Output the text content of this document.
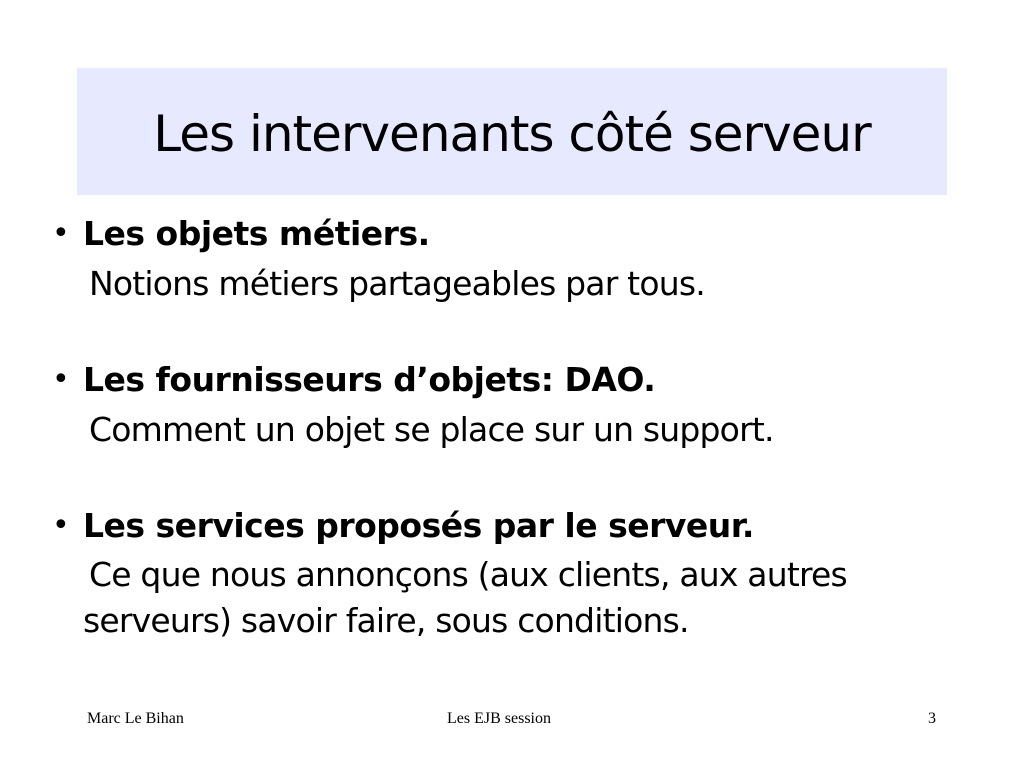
Les intervenants côté serveur
• Les objets métiers.
Notions métiers partageables par tous.
• Les fournisseurs d’objets: DAO.
Comment un objet se place sur un support.
• Les services proposés par le serveur.
Ce que nous annonçons (aux clients, aux autres serveurs) savoir faire, sous conditions.
Marc Le Bihan	Les EJB session	3
